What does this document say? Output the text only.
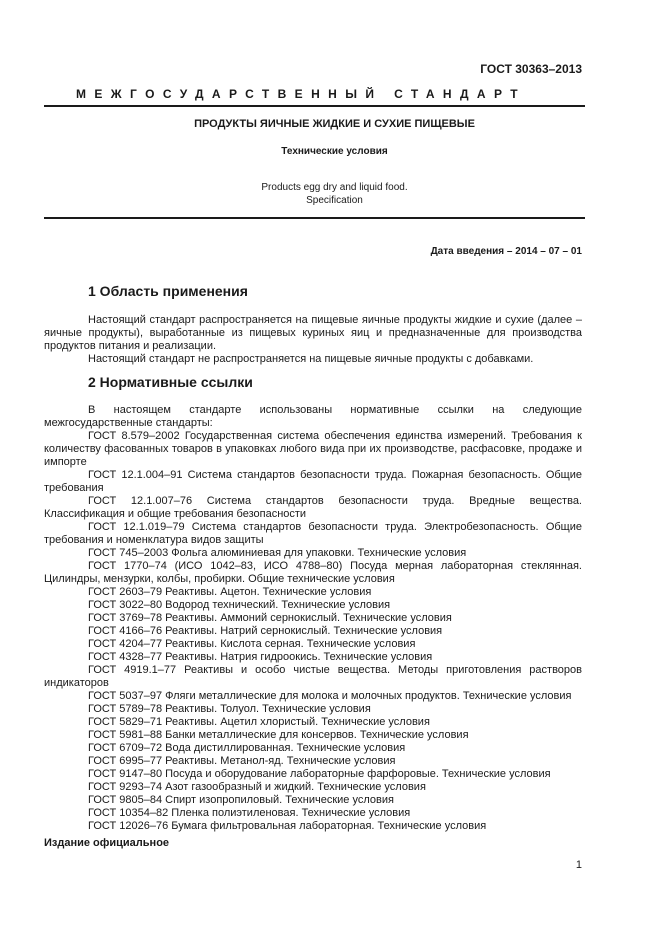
ГОСТ 30363–2013
МЕЖГОСУДАРСТВЕННЫЙ СТАНДАРТ
ПРОДУКТЫ ЯИЧНЫЕ ЖИДКИЕ И СУХИЕ ПИЩЕВЫЕ
Технические условия
Products egg dry and liquid food.
Specification
Дата введения – 2014 – 07 – 01
1 Область применения

Настоящий стандарт распространяется на пищевые яичные продукты жидкие и сухие (далее – яичные продукты), выработанные из пищевых куриных яиц и предназначенные для производства продуктов питания и реализации.

Настоящий стандарт не распространяется на пищевые яичные продукты с добавками.

2 Нормативные ссылки

В настоящем стандарте использованы нормативные ссылки на следующие межгосударственные стандарты:

ГОСТ 8.579–2002 Государственная система обеспечения единства измерений. Требования к количеству фасованных товаров в упаковках любого вида при их производстве, расфасовке, продаже и импорте

ГОСТ 12.1.004–91 Система стандартов безопасности труда. Пожарная безопасность. Общие требования

ГОСТ 12.1.007–76 Система стандартов безопасности труда. Вредные вещества. Классификация и общие требования безопасности

ГОСТ 12.1.019–79 Система стандартов безопасности труда. Электробезопасность. Общие требования и номенклатура видов защиты

ГОСТ 745–2003 Фольга алюминиевая для упаковки. Технические условия

ГОСТ 1770–74 (ИСО 1042–83, ИСО 4788–80) Посуда мерная лабораторная стеклянная. Цилиндры, мензурки, колбы, пробирки. Общие технические условия

ГОСТ 2603–79 Реактивы. Ацетон. Технические условия

ГОСТ 3022–80 Водород технический. Технические условия

ГОСТ 3769–78 Реактивы. Аммоний сернокислый. Технические условия

ГОСТ 4166–76 Реактивы. Натрий сернокислый. Технические условия

ГОСТ 4204–77 Реактивы. Кислота серная. Технические условия

ГОСТ 4328–77 Реактивы. Натрия гидроокись. Технические условия

ГОСТ 4919.1–77 Реактивы и особо чистые вещества. Методы приготовления растворов индикаторов

ГОСТ 5037–97 Фляги металлические для молока и молочных продуктов. Технические условия

ГОСТ 5789–78 Реактивы. Толуол. Технические условия

ГОСТ 5829–71 Реактивы. Ацетил хлористый. Технические условия

ГОСТ 5981–88 Банки металлические для консервов. Технические условия

ГОСТ 6709–72 Вода дистиллированная. Технические условия

ГОСТ 6995–77 Реактивы. Метанол-яд. Технические условия

ГОСТ 9147–80 Посуда и оборудование лабораторные фарфоровые. Технические условия

ГОСТ 9293–74 Азот газообразный и жидкий. Технические условия

ГОСТ 9805–84 Спирт изопропиловый. Технические условия

ГОСТ 10354–82 Пленка полиэтиленовая. Технические условия

ГОСТ 12026–76 Бумага фильтровальная лабораторная. Технические условия

Издание официальное
1
